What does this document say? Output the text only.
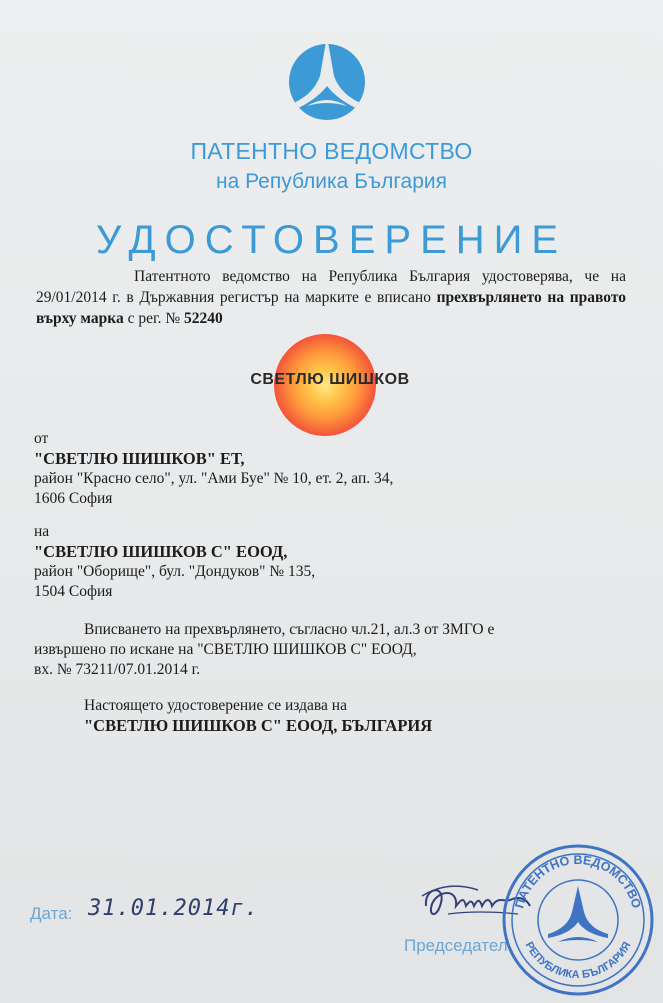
ПАТЕНТНО ВЕДОМСТВО
на Република България
УДОСТОВЕРЕНИЕ
Патентното ведомство на Република България удостоверява, че на 29/01/2014 г. в Държавния регистър на марките е вписано прехвърлянето на правото върху марка с рег. № 52240
СВЕТЛЮ ШИШКОВ
от
"СВЕТЛЮ ШИШКОВ" ЕТ,
район "Красно село", ул. "Ами Буе" № 10, ет. 2, ап. 34,
1606 София
на
"СВЕТЛЮ ШИШКОВ С" ЕООД,
район "Оборище", бул. "Дондуков" № 135,
1504 София
Вписването на прехвърлянето, съгласно чл.21, ал.3 от ЗМГО е
извършено по искане на "СВЕТЛЮ ШИШКОВ С" ЕООД,
вх. № 73211/07.01.2014 г.
Настоящето удостоверение се издава на
"СВЕТЛЮ ШИШКОВ С" ЕООД, БЪЛГАРИЯ
Дата: 31.01.2014г.
Председател
ПАТЕНТНО ВЕДОМСТВО
РЕПУБЛИКА БЪЛГАРИЯ
